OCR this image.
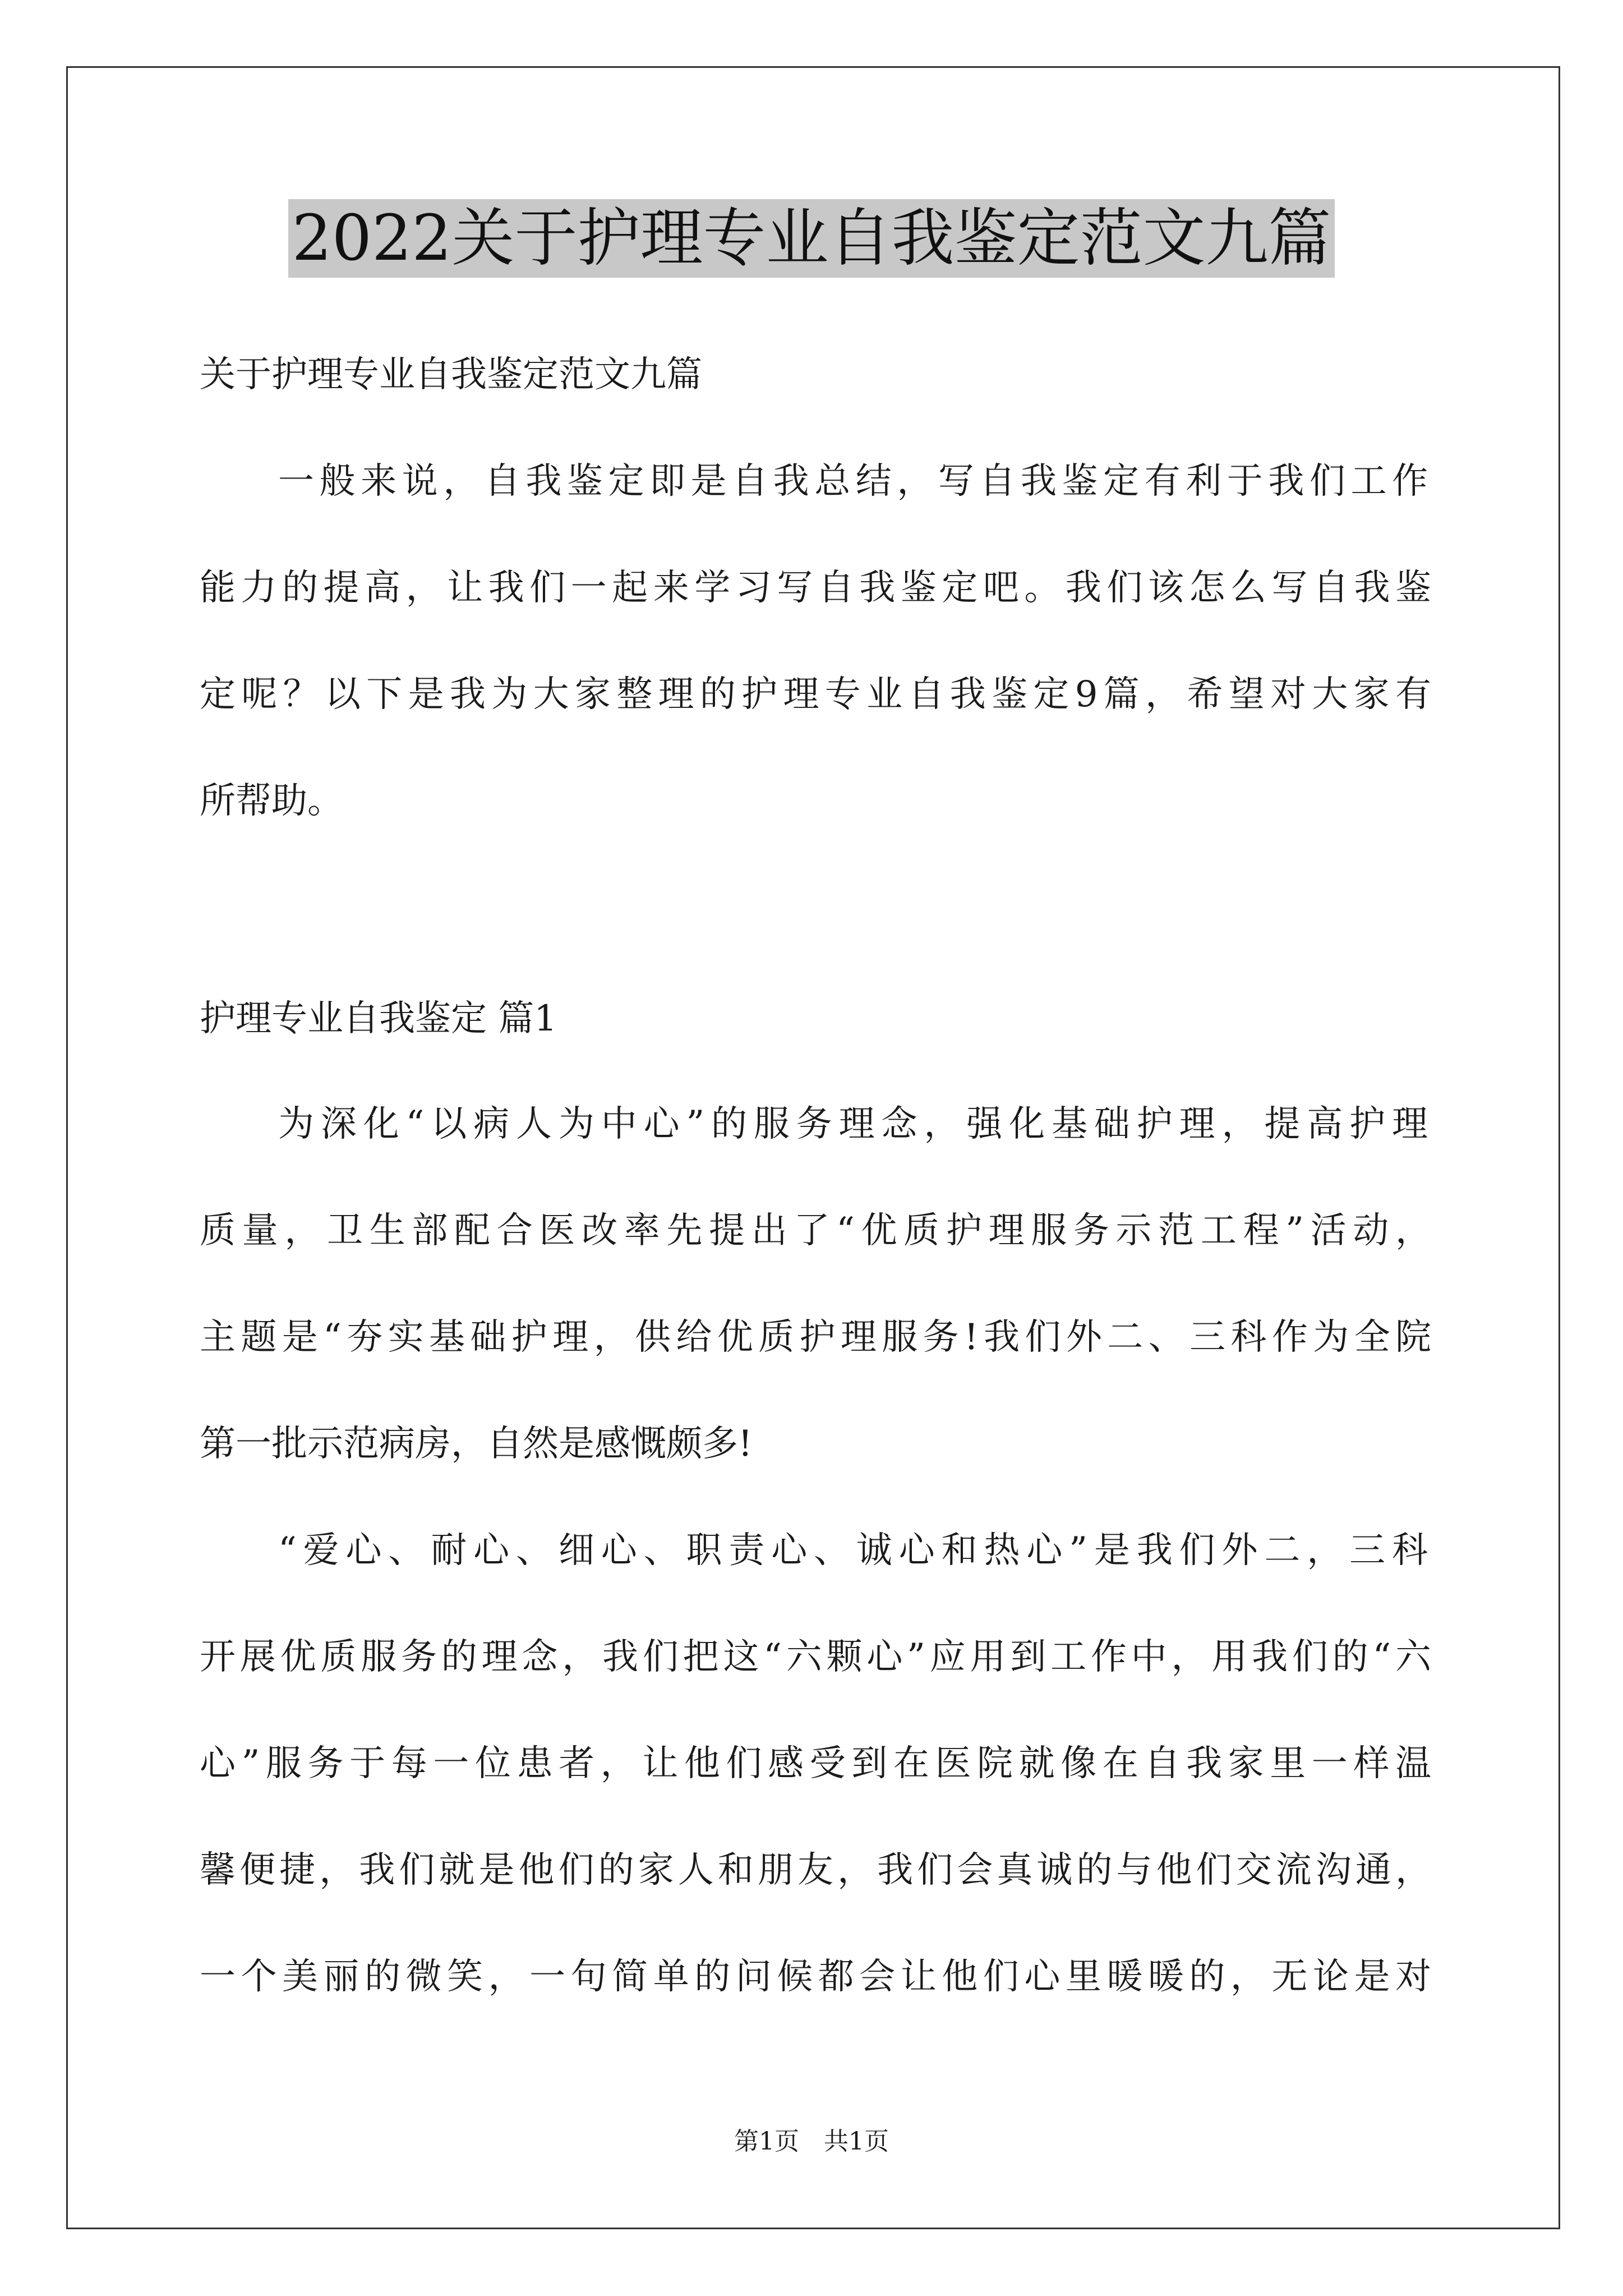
2022关于护理专业自我鉴定范文九篇
关于护理专业自我鉴定范文九篇
一般来说，自我鉴定即是自我总结，写自我鉴定有利于我们工作
能力的提高，让我们一起来学习写自我鉴定吧。我们该怎么写自我鉴
定呢？以下是我为大家整理的护理专业自我鉴定9篇，希望对大家有
所帮助。
护理专业自我鉴定 篇1
为深化“以病人为中心”的服务理念，强化基础护理，提高护理
质量，卫生部配合医改率先提出了“优质护理服务示范工程”活动，
主题是“夯实基础护理，供给优质护理服务!我们外二、三科作为全院
第一批示范病房，自然是感慨颇多!
“爱心、耐心、细心、职责心、诚心和热心”是我们外二，三科
开展优质服务的理念，我们把这“六颗心”应用到工作中，用我们的“六
心”服务于每一位患者，让他们感受到在医院就像在自我家里一样温
馨便捷，我们就是他们的家人和朋友，我们会真诚的与他们交流沟通，
一个美丽的微笑，一句简单的问候都会让他们心里暖暖的，无论是对
第1页　共1页
